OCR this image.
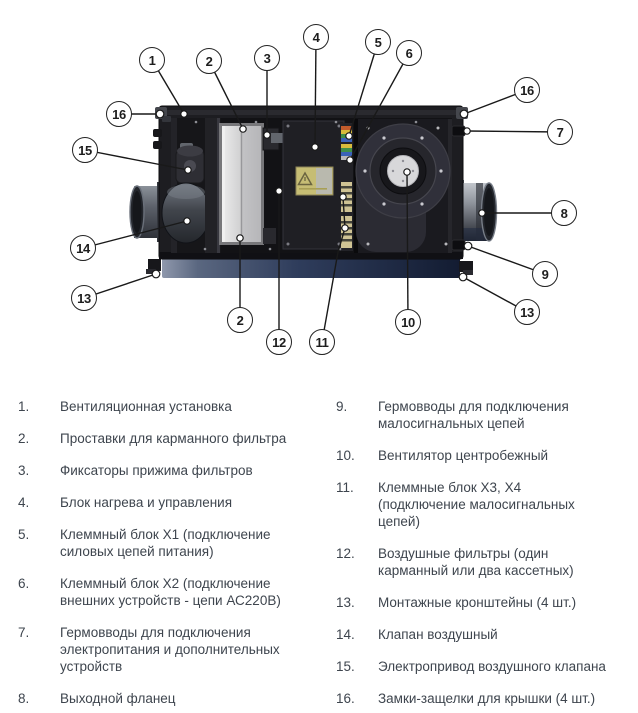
1	2	3
4	5
6
16
15
14
13
16
7
8
9
13
2
12	11
10
1.	Вентиляционная установка
2.	Проставки для карманного фильтра
3.	Фиксаторы прижима фильтров
4.	Блок нагрева и управления
5.	Клеммный блок Х1 (подключение силовых цепей питания)
6.	Клеммный блок Х2 (подключение внешних устройств - цепи АС220В)
7.	Гермовводы для подключения электропитания и дополнительных устройств
8.	Выходной фланец
9.	Гермовводы для подключения малосигнальных цепей
10.	Вентилятор центробежный
11.	Клеммные блок Х3, Х4 (подключение малосигнальных цепей)
12.	Воздушные фильтры (один карманный или два кассетных)
13.	Монтажные кронштейны (4 шт.)
14.	Клапан воздушный
15.	Электропривод воздушного клапана
16.	Замки-защелки для крышки (4 шт.)
